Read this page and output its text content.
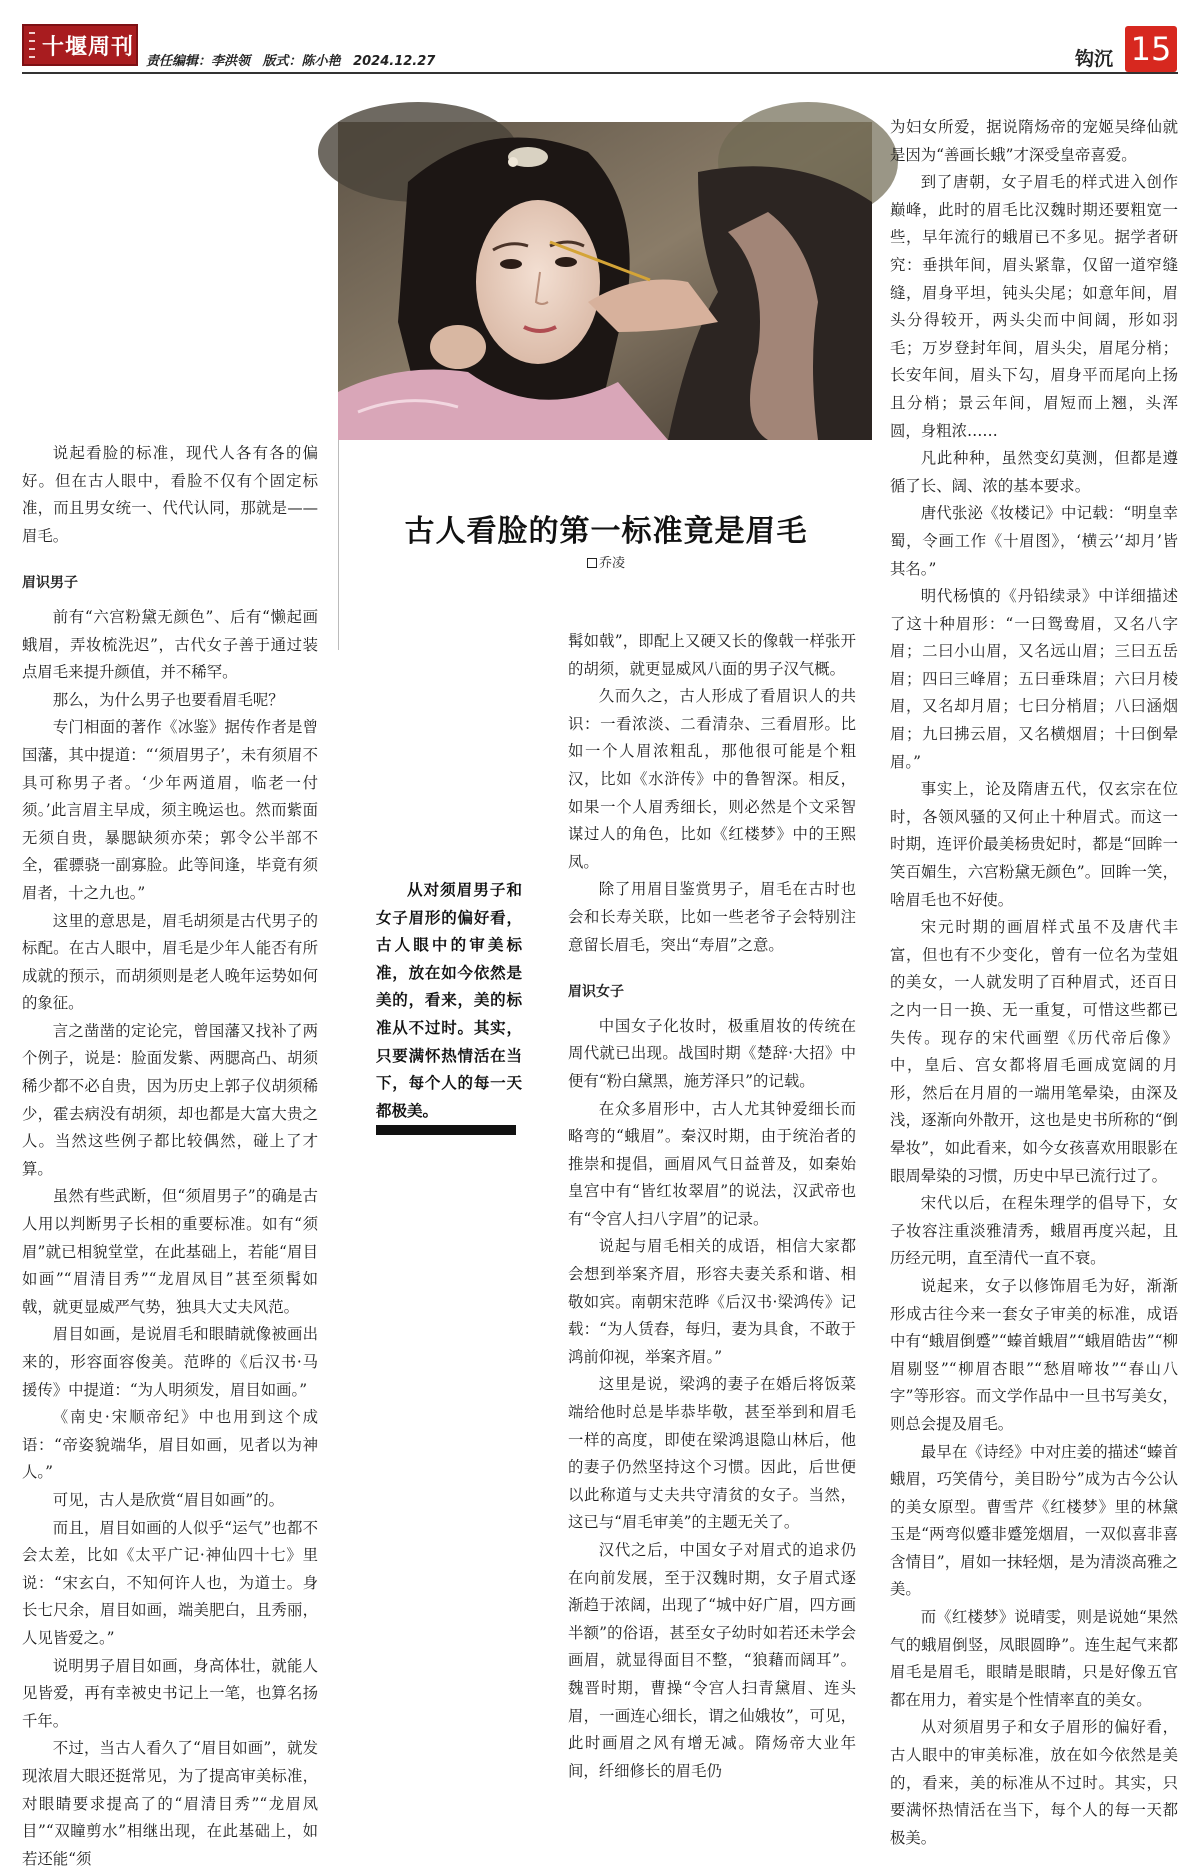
十堰周刊
责任编辑：李洪领 版式：陈小艳 2024.12.27	钩沉 15

说起看脸的标准，现代人各有各的偏好。但在古人眼中，看脸不仅有个固定标准，而且男女统一、代代认同，那就是——眉毛。

眉识男子

前有“六宫粉黛无颜色”、后有“懒起画蛾眉，弄妆梳洗迟”，古代女子善于通过装点眉毛来提升颜值，并不稀罕。

那么，为什么男子也要看眉毛呢？

专门相面的著作《冰鉴》据传作者是曾国藩，其中提道：“‘须眉男子’，未有须眉不具可称男子者。‘少年两道眉，临老一付须。’此言眉主早成，须主晚运也。然而紫面无须自贵，暴腮缺须亦荣；郭令公半部不全，霍骠骁一副寡脸。此等间逢，毕竟有须眉者，十之九也。”

这里的意思是，眉毛胡须是古代男子的标配。在古人眼中，眉毛是少年人能否有所成就的预示，而胡须则是老人晚年运势如何的象征。

言之凿凿的定论完，曾国藩又找补了两个例子，说是：脸面发紫、两腮高凸、胡须稀少都不必自贵，因为历史上郭子仪胡须稀少，霍去病没有胡须，却也都是大富大贵之人。当然这些例子都比较偶然，碰上了才算。

虽然有些武断，但“须眉男子”的确是古人用以判断男子长相的重要标准。如有“须眉”就已相貌堂堂，在此基础上，若能“眉目如画”“眉清目秀”“龙眉凤目”甚至须髯如戟，就更显威严气势，独具大丈夫风范。

眉目如画，是说眉毛和眼睛就像被画出来的，形容面容俊美。范晔的《后汉书·马援传》中提道：“为人明须发，眉目如画。”

《南史·宋顺帝纪》中也用到这个成语：“帝姿貌端华，眉目如画，见者以为神人。”

可见，古人是欣赏“眉目如画”的。

而且，眉目如画的人似乎“运气”也都不会太差，比如《太平广记·神仙四十七》里说：“宋玄白，不知何许人也，为道士。身长七尺余，眉目如画，端美肥白，且秀丽，人见皆爱之。”

说明男子眉目如画，身高体壮，就能人见皆爱，再有幸被史书记上一笔，也算名扬千年。

不过，当古人看久了“眉目如画”，就发现浓眉大眼还挺常见，为了提高审美标准，对眼睛要求提高了的“眉清目秀”“龙眉凤目”“双瞳剪水”相继出现，在此基础上，如若还能“须

古人看脸的第一标准竟是眉毛
乔凌

从对须眉男子和女子眉形的偏好看，古人眼中的审美标准，放在如今依然是美的，看来，美的标准从不过时。其实，只要满怀热情活在当下，每个人的每一天都极美。

髯如戟”，即配上又硬又长的像戟一样张开的胡须，就更显威风八面的男子汉气概。

久而久之，古人形成了看眉识人的共识：一看浓淡、二看清杂、三看眉形。比如一个人眉浓粗乱，那他很可能是个粗汉，比如《水浒传》中的鲁智深。相反，如果一个人眉秀细长，则必然是个文采智谋过人的角色，比如《红楼梦》中的王熙凤。

除了用眉目鉴赏男子，眉毛在古时也会和长寿关联，比如一些老爷子会特别注意留长眉毛，突出“寿眉”之意。

眉识女子

中国女子化妆时，极重眉妆的传统在周代就已出现。战国时期《楚辞·大招》中便有“粉白黛黑，施芳泽只”的记载。

在众多眉形中，古人尤其钟爱细长而略弯的“蛾眉”。秦汉时期，由于统治者的推崇和提倡，画眉风气日益普及，如秦始皇宫中有“皆红妆翠眉”的说法，汉武帝也有“令宫人扫八字眉”的记录。

说起与眉毛相关的成语，相信大家都会想到举案齐眉，形容夫妻关系和谐、相敬如宾。南朝宋范晔《后汉书·梁鸿传》记载：“为人赁舂，每归，妻为具食，不敢于鸿前仰视，举案齐眉。”

这里是说，梁鸿的妻子在婚后将饭菜端给他时总是毕恭毕敬，甚至举到和眉毛一样的高度，即使在梁鸿退隐山林后，他的妻子仍然坚持这个习惯。因此，后世便以此称道与丈夫共守清贫的女子。当然，这已与“眉毛审美”的主题无关了。

汉代之后，中国女子对眉式的追求仍在向前发展，至于汉魏时期，女子眉式逐渐趋于浓阔，出现了“城中好广眉，四方画半额”的俗语，甚至女子幼时如若还未学会画眉，就显得面目不整，“狼藉而阔耳”。魏晋时期，曹操“令宫人扫青黛眉、连头眉，一画连心细长，谓之仙娥妆”，可见，此时画眉之风有增无减。隋炀帝大业年间，纤细修长的眉毛仍

为妇女所爱，据说隋炀帝的宠姬吴绛仙就是因为“善画长蛾”才深受皇帝喜爱。

到了唐朝，女子眉毛的样式进入创作巅峰，此时的眉毛比汉魏时期还要粗宽一些，早年流行的蛾眉已不多见。据学者研究：垂拱年间，眉头紧靠，仅留一道窄缝缝，眉身平坦，钝头尖尾；如意年间，眉头分得较开，两头尖而中间阔，形如羽毛；万岁登封年间，眉头尖，眉尾分梢；长安年间，眉头下勾，眉身平而尾向上扬且分梢；景云年间，眉短而上翘，头浑圆，身粗浓……

凡此种种，虽然变幻莫测，但都是遵循了长、阔、浓的基本要求。

唐代张泌《妆楼记》中记载：“明皇幸蜀，令画工作《十眉图》，‘横云’‘却月’皆其名。”

明代杨慎的《丹铅续录》中详细描述了这十种眉形：“一曰鸳鸯眉，又名八字眉；二曰小山眉，又名远山眉；三曰五岳眉；四曰三峰眉；五曰垂珠眉；六曰月棱眉，又名却月眉；七曰分梢眉；八曰涵烟眉；九曰拂云眉，又名横烟眉；十曰倒晕眉。”

事实上，论及隋唐五代，仅玄宗在位时，各领风骚的又何止十种眉式。而这一时期，连评价最美杨贵妃时，都是“回眸一笑百媚生，六宫粉黛无颜色”。回眸一笑，啥眉毛也不好使。

宋元时期的画眉样式虽不及唐代丰富，但也有不少变化，曾有一位名为莹姐的美女，一人就发明了百种眉式，还百日之内一日一换、无一重复，可惜这些都已失传。现存的宋代画塑《历代帝后像》中，皇后、宫女都将眉毛画成宽阔的月形，然后在月眉的一端用笔晕染，由深及浅，逐渐向外散开，这也是史书所称的“倒晕妆”，如此看来，如今女孩喜欢用眼影在眼周晕染的习惯，历史中早已流行过了。

宋代以后，在程朱理学的倡导下，女子妆容注重淡雅清秀，蛾眉再度兴起，且历经元明，直至清代一直不衰。

说起来，女子以修饰眉毛为好，渐渐形成古往今来一套女子审美的标准，成语中有“蛾眉倒蹙”“螓首蛾眉”“蛾眉皓齿”“柳眉剔竖”“柳眉杏眼”“愁眉啼妆”“春山八字”等形容。而文学作品中一旦书写美女，则总会提及眉毛。

最早在《诗经》中对庄姜的描述“螓首蛾眉，巧笑倩兮，美目盼兮”成为古今公认的美女原型。曹雪芹《红楼梦》里的林黛玉是“两弯似蹙非蹙笼烟眉，一双似喜非喜含情目”，眉如一抹轻烟，是为清淡高雅之美。

而《红楼梦》说晴雯，则是说她“果然气的蛾眉倒竖，凤眼圆睁”。连生起气来都眉毛是眉毛，眼睛是眼睛，只是好像五官都在用力，着实是个性情率直的美女。

从对须眉男子和女子眉形的偏好看，古人眼中的审美标准，放在如今依然是美的，看来，美的标准从不过时。其实，只要满怀热情活在当下，每个人的每一天都极美。
